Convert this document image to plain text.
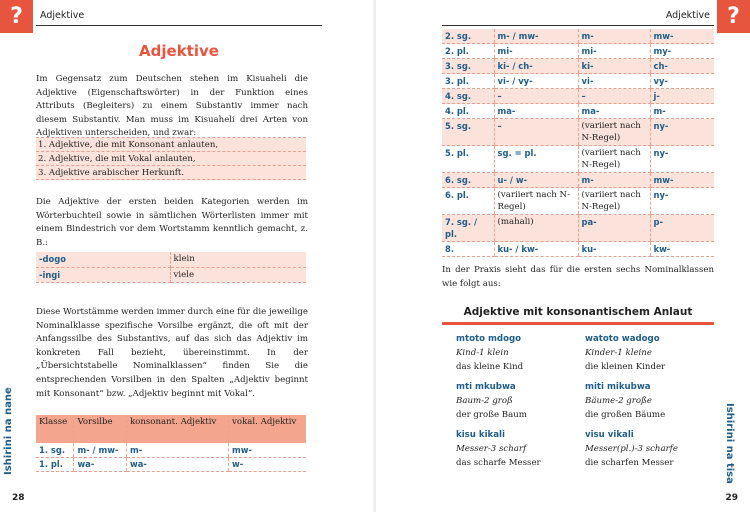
?	Adjektive
Adjektive

Im Gegensatz zum Deutschen stehen im Kisuaheli die Adjektive (Eigenschaftswörter) in der Funktion eines Attributs (Begleiters) zu einem Substantiv immer nach diesem Substantiv. Man muss im Kisuaheli drei Arten von Adjektiven unterscheiden, und zwar:

1. Adjektive, die mit Konsonant anlauten,
2. Adjektive, die mit Vokal anlauten,
3. Adjektive arabischer Herkunft.

Die Adjektive der ersten beiden Kategorien werden im Wörterbuchteil sowie in sämtlichen Wörterlisten immer mit einem Bindestrich vor dem Wortstamm kenntlich gemacht, z. B.:

-dogo	klein
-ingi	viele

Diese Wortstämme werden immer durch eine für die jeweilige Nominalklasse spezifische Vorsilbe ergänzt, die oft mit der Anfangssilbe des Substantivs, auf das sich das Adjektiv im konkreten Fall bezieht, übereinstimmt. In der „Übersichtstabelle Nominalklassen“ finden Sie die entsprechenden Vorsilben in den Spalten „Adjektiv beginnt mit Konsonant“ bzw. „Adjektiv beginnt mit Vokal“.

Klasse	Vorsilbe	konsonant. Adjektiv	vokal. Adjektiv
1. sg.	m- / mw-	m-	mw-
1. pl.	wa-	wa-	w-
28
Ishirini na nane
?
Adjektive
2. sg.	m- / mw-	m-	mw-
2. pl.	mi-	mi-	my-
3. sg.	ki- / ch-	ki-	ch-
3. pl.	vi- / vy-	vi-	vy-
4. sg.	–	–	j-
4. pl.	ma-	ma-	m-
5. sg.	–	(variiert nach N-Regel)	ny-
5. pl.	sg. = pl.	(variiert nach N-Regel)	ny-
6. sg.	u- / w-	m-	mw-
6. pl.	(variiert nach N-Regel)	(variiert nach N-Regel)	ny-
7. sg. / pl.	(mahali)	pa-	p-
8.	ku- / kw-	ku-	kw-

In der Praxis sieht das für die ersten sechs Nominalklassen wie folgt aus:

Adjektive mit konsonantischem Anlaut
mtoto mdogo
Kind-1 klein
das kleine Kind
watoto wadogo
Kinder-1 kleine
die kleinen Kinder
mti mkubwa
Baum-2 groß
der große Baum
miti mikubwa
Bäume-2 große
die großen Bäume
kisu kikali
Messer-3 scharf
das scharfe Messer
visu vikali
Messer(pl.)-3 scharfe
die scharfen Messer
29
Ishirini na tisa
